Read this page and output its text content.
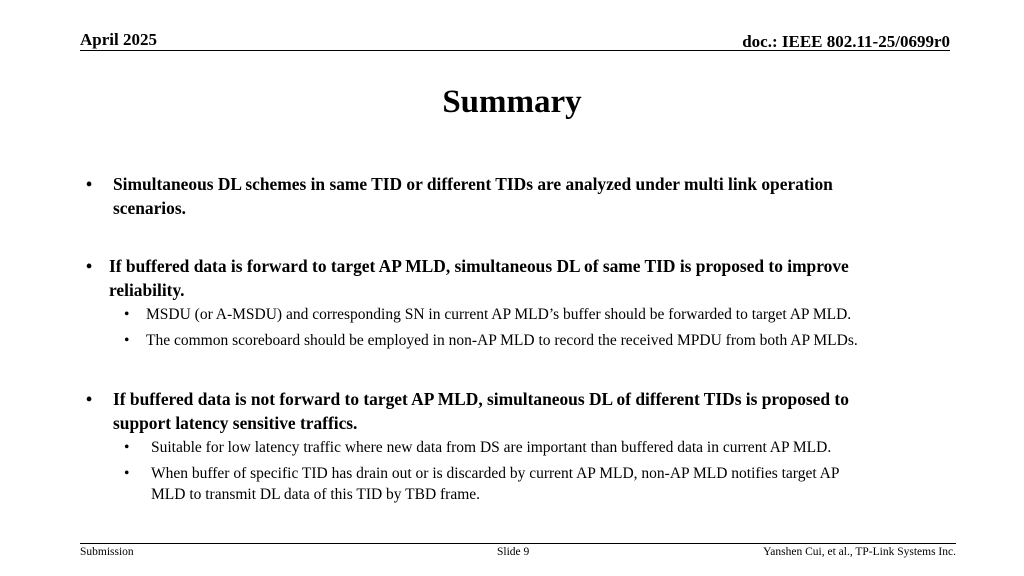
April 2025	doc.: IEEE 802.11-25/0699r0
Summary
• Simultaneous DL schemes in same TID or different TIDs are analyzed under multi link operation
scenarios.
• If buffered data is forward to target AP MLD, simultaneous DL of same TID is proposed to improve
reliability.
• MSDU (or A-MSDU) and corresponding SN in current AP MLD’s buffer should be forwarded to target AP MLD.
• The common scoreboard should be employed in non-AP MLD to record the received MPDU from both AP MLDs.
• If buffered data is not forward to target AP MLD, simultaneous DL of different TIDs is proposed to
support latency sensitive traffics.
• Suitable for low latency traffic where new data from DS are important than buffered data in current AP MLD.
• When buffer of specific TID has drain out or is discarded by current AP MLD, non-AP MLD notifies target AP
MLD to transmit DL data of this TID by TBD frame.
Submission	Slide 9	Yanshen Cui, et al., TP-Link Systems Inc.
